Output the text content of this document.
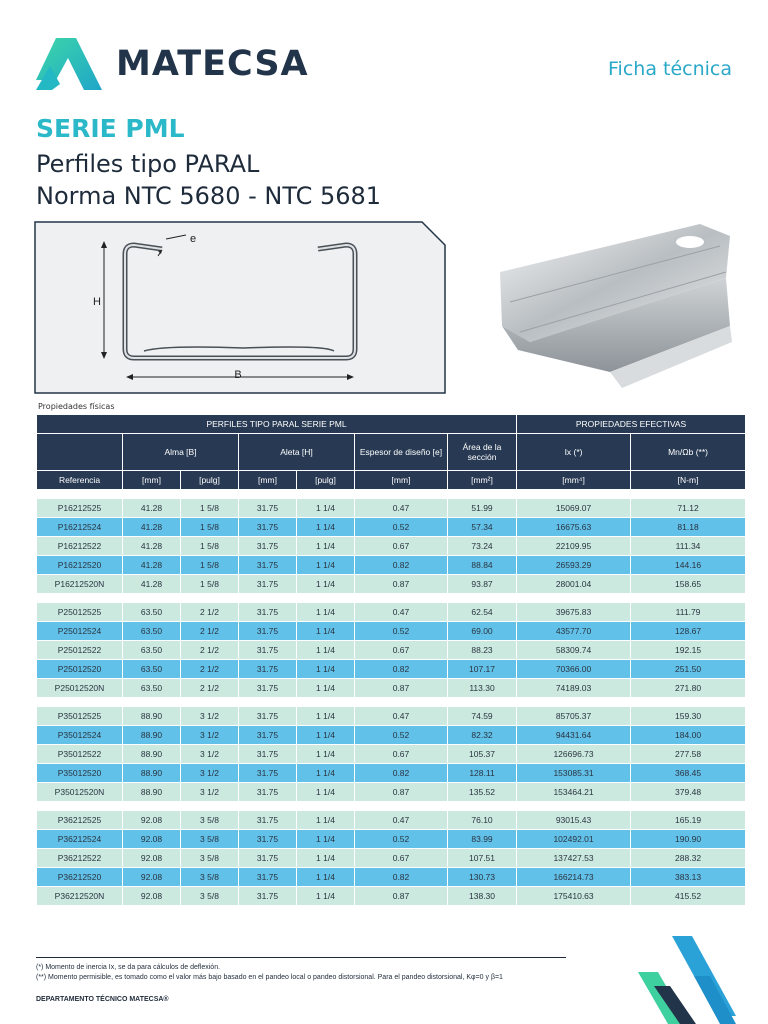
MATECSA	Ficha técnica
SERIE PML
Perfiles tipo PARAL
Norma NTC 5680 - NTC 5681
e
H
B
Propiedades físicas
PERFILES TIPO PARAL SERIE PML							PROPIEDADES EFECTIVAS	
	Alma [B]		Aleta [H]		Espesor de diseño [e]	Área de la sección	Ix (*)	Mn/Ωb (**)
Referencia	[mm]	[pulg]	[mm]	[pulg]	[mm]	[mm²]	[mm⁴]	[N-m]

P16212525	41.28	1 5/8	31.75	1 1/4	0.47	51.99	15069.07	71.12
P16212524	41.28	1 5/8	31.75	1 1/4	0.52	57.34	16675.63	81.18
P16212522	41.28	1 5/8	31.75	1 1/4	0.67	73.24	22109.95	111.34
P16212520	41.28	1 5/8	31.75	1 1/4	0.82	88.84	26593.29	144.16
P16212520N	41.28	1 5/8	31.75	1 1/4	0.87	93.87	28001.04	158.65

P25012525	63.50	2 1/2	31.75	1 1/4	0.47	62.54	39675.83	111.79
P25012524	63.50	2 1/2	31.75	1 1/4	0.52	69.00	43577.70	128.67
P25012522	63.50	2 1/2	31.75	1 1/4	0.67	88.23	58309.74	192.15
P25012520	63.50	2 1/2	31.75	1 1/4	0.82	107.17	70366.00	251.50
P25012520N	63.50	2 1/2	31.75	1 1/4	0.87	113.30	74189.03	271.80

P35012525	88.90	3 1/2	31.75	1 1/4	0.47	74.59	85705.37	159.30
P35012524	88.90	3 1/2	31.75	1 1/4	0.52	82.32	94431.64	184.00
P35012522	88.90	3 1/2	31.75	1 1/4	0.67	105.37	126696.73	277.58
P35012520	88.90	3 1/2	31.75	1 1/4	0.82	128.11	153085.31	368.45
P35012520N	88.90	3 1/2	31.75	1 1/4	0.87	135.52	153464.21	379.48

P36212525	92.08	3 5/8	31.75	1 1/4	0.47	76.10	93015.43	165.19
P36212524	92.08	3 5/8	31.75	1 1/4	0.52	83.99	102492.01	190.90
P36212522	92.08	3 5/8	31.75	1 1/4	0.67	107.51	137427.53	288.32
P36212520	92.08	3 5/8	31.75	1 1/4	0.82	130.73	166214.73	383.13
P36212520N	92.08	3 5/8	31.75	1 1/4	0.87	138.30	175410.63	415.52
(*) Momento de inercia Ix, se da para cálculos de deflexión.
(**) Momento permisible, es tomado como el valor más bajo basado en el pandeo local o pandeo distorsional. Para el pandeo distorsional, Kφ=0 y β=1
DEPARTAMENTO TÉCNICO MATECSA®
